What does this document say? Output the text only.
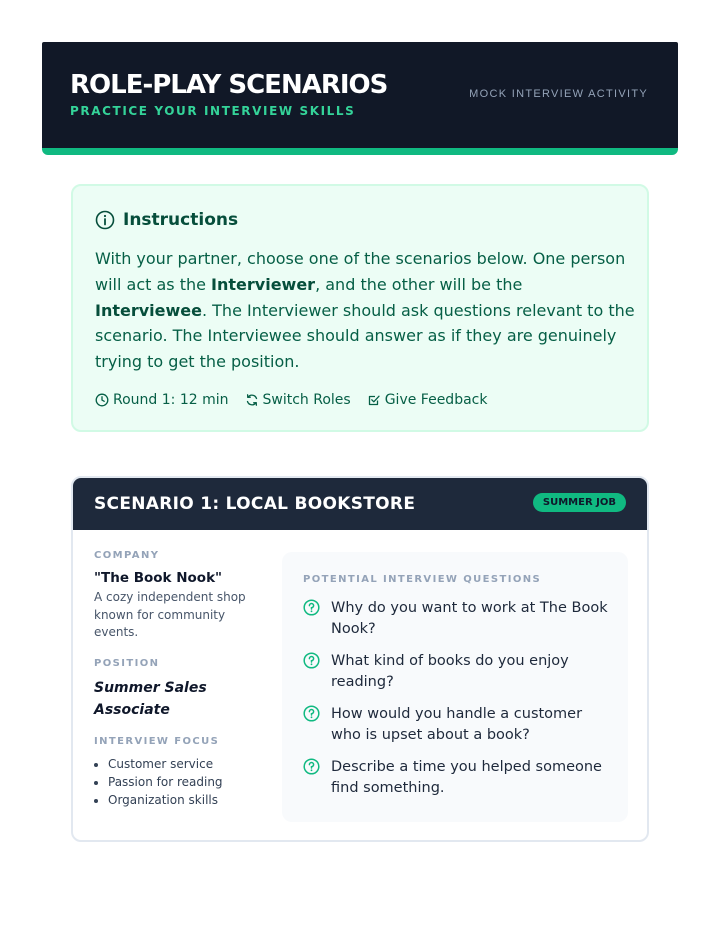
ROLE-PLAY SCENARIOS
PRACTICE YOUR INTERVIEW SKILLS
MOCK INTERVIEW ACTIVITY
Instructions

With your partner, choose one of the scenarios below. One person will act as the Interviewer, and the other will be the Interviewee. The Interviewer should ask questions relevant to the scenario. The Interviewee should answer as if they are genuinely trying to get the position.

Round 1: 12 min Switch Roles Give Feedback
SCENARIO 1: LOCAL BOOKSTORE	SUMMER JOB
COMPANY
"The Book Nook"
A cozy independent shop known for community events.
POSITION
Summer Sales Associate
INTERVIEW FOCUS
• Customer service
• Passion for reading
• Organization skills
POTENTIAL INTERVIEW QUESTIONS
Why do you want to work at The Book Nook?
What kind of books do you enjoy reading?
How would you handle a customer who is upset about a book?
Describe a time you helped someone find something.
